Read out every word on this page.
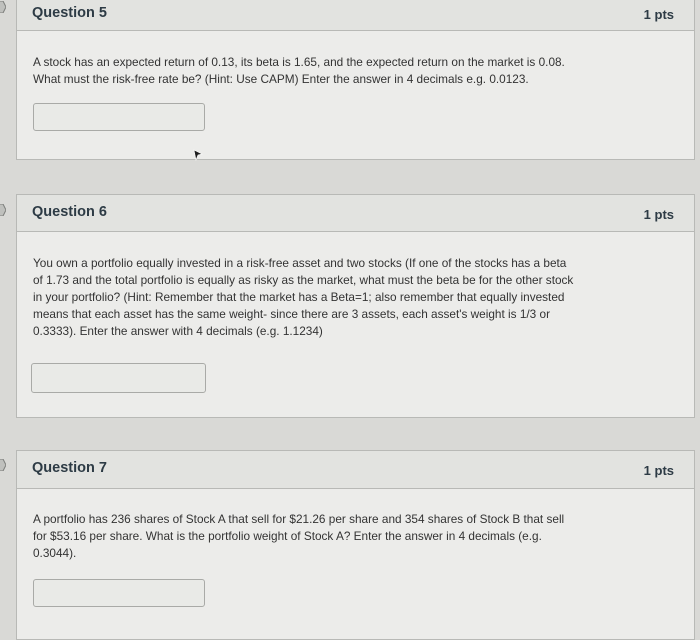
Question 5	1 pts
A stock has an expected return of 0.13, its beta is 1.65, and the expected return on the market is 0.08. What must the risk-free rate be? (Hint: Use CAPM) Enter the answer in 4 decimals e.g. 0.0123.
Question 6	1 pts
You own a portfolio equally invested in a risk-free asset and two stocks (If one of the stocks has a beta of 1.73 and the total portfolio is equally as risky as the market, what must the beta be for the other stock in your portfolio? (Hint: Remember that the market has a Beta=1; also remember that equally invested means that each asset has the same weight- since there are 3 assets, each asset's weight is 1/3 or 0.3333). Enter the answer with 4 decimals (e.g. 1.1234)
Question 7	1 pts
A portfolio has 236 shares of Stock A that sell for $21.26 per share and 354 shares of Stock B that sell for $53.16 per share. What is the portfolio weight of Stock A? Enter the answer in 4 decimals (e.g. 0.3044).
